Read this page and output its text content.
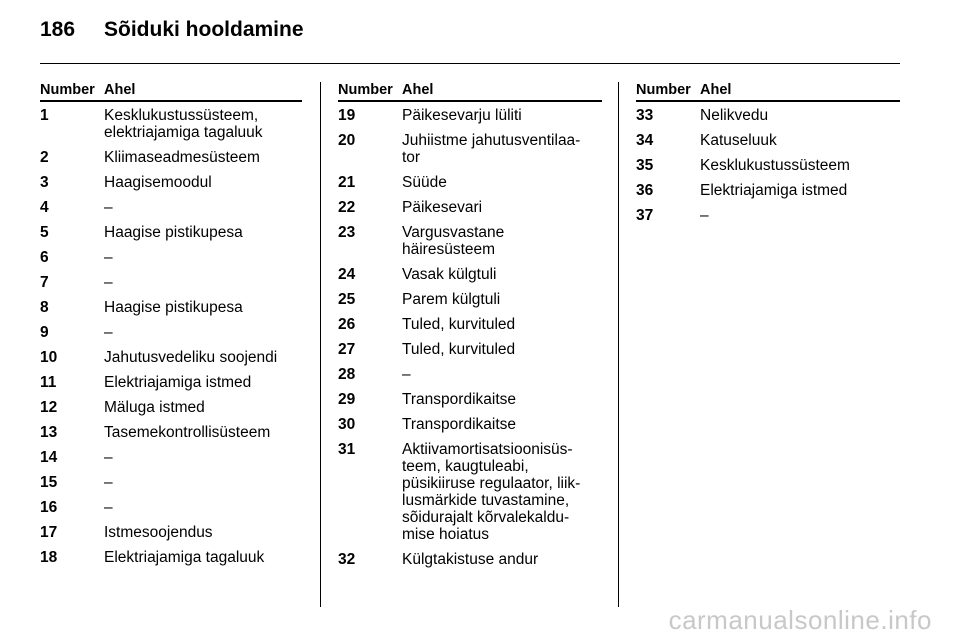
186	Sõiduki hooldamine
Number Ahel
1	Kesklukustussüsteem,
elektriajamiga tagaluuk
2	Kliimaseadmesüsteem
3	Haagisemoodul
4	–
5	Haagise pistikupesa
6	–
7	–
8	Haagise pistikupesa
9	–
10	Jahutusvedeliku soojendi
11	Elektriajamiga istmed
12	Mäluga istmed
13	Tasemekontrollisüsteem
14	–
15	–
16	–
17	Istmesoojendus
18	Elektriajamiga tagaluuk
Number Ahel
19	Päikesevarju lüliti
20	Juhiistme jahutusventilaa-
tor
21	Süüde
22	Päikesevari
23	Vargusvastane
häiresüsteem
24	Vasak külgtuli
25	Parem külgtuli
26	Tuled, kurvituled
27	Tuled, kurvituled
28	–
29	Transpordikaitse
30	Transpordikaitse
31	Aktiivamortisatsioonisüs-
teem, kaugtuleabi,
püsikiiruse regulaator, liik-
lusmärkide tuvastamine,
sõidurajalt kõrvalekaldu-
mise hoiatus
32	Külgtakistuse andur
Number Ahel
33	Nelikvedu
34	Katuseluuk
35	Kesklukustussüsteem
36	Elektriajamiga istmed
37	–
carmanualsonline.info
